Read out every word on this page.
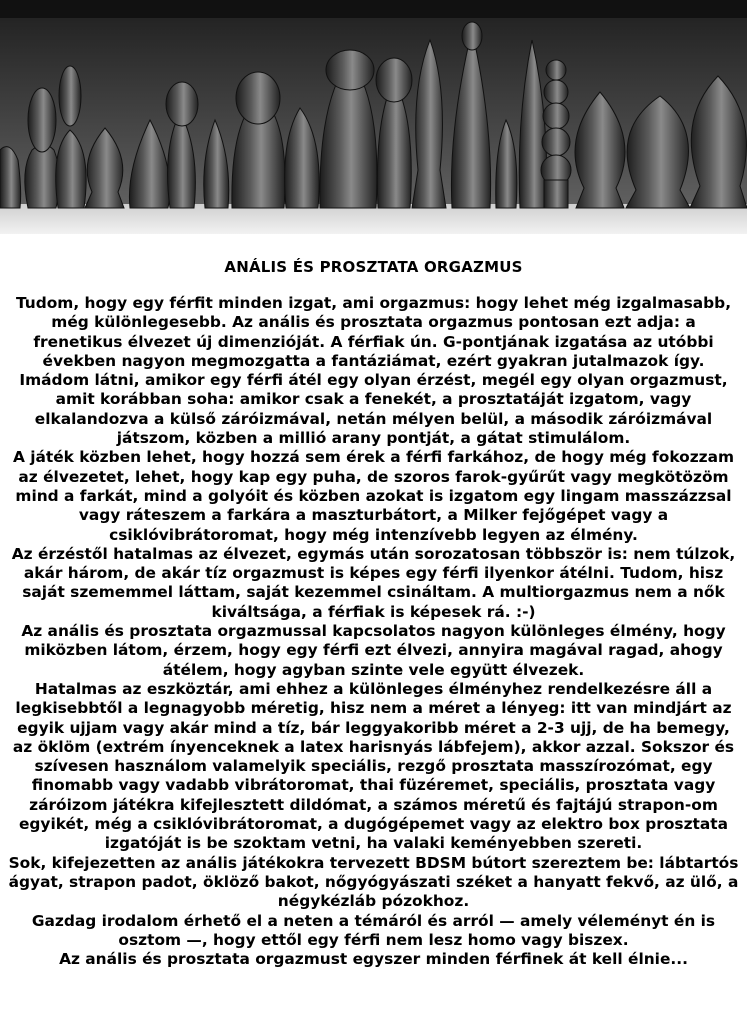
ANÁLIS ÉS PROSZTATA ORGAZMUS

Tudom, hogy egy férfit minden izgat, ami orgazmus: hogy lehet még izgalmasabb, még különlegesebb. Az anális és prosztata orgazmus pontosan ezt adja: a frenetikus élvezet új dimenzióját. A férfiak ún. G-pontjának izgatása az utóbbi években nagyon megmozgatta a fantáziámat, ezért gyakran jutalmazok így. Imádom látni, amikor egy férfi átél egy olyan érzést, megél egy olyan orgazmust, amit korábban soha: amikor csak a fenekét, a prosztatáját izgatom, vagy elkalandozva a külső záróizmával, netán mélyen belül, a második záróizmával játszom, közben a millió arany pontját, a gátat stimulálom.

A játék közben lehet, hogy hozzá sem érek a férfi farkához, de hogy még fokozzam az élvezetet, lehet, hogy kap egy puha, de szoros farok-gyűrűt vagy megkötözöm mind a farkát, mind a golyóit és közben azokat is izgatom egy lingam masszázzsal vagy ráteszem a farkára a maszturbátort, a Milker fejőgépet vagy a csiklóvibrátoromat, hogy még intenzívebb legyen az élmény.

Az érzéstől hatalmas az élvezet, egymás után sorozatosan többször is: nem túlzok, akár három, de akár tíz orgazmust is képes egy férfi ilyenkor átélni. Tudom, hisz saját szememmel láttam, saját kezemmel csináltam. A multiorgazmus nem a nők kiváltsága, a férfiak is képesek rá. :-)

Az anális és prosztata orgazmussal kapcsolatos nagyon különleges élmény, hogy miközben látom, érzem, hogy egy férfi ezt élvezi, annyira magával ragad, ahogy átélem, hogy agyban szinte vele együtt élvezek.

Hatalmas az eszköztár, ami ehhez a különleges élményhez rendelkezésre áll a legkisebbtől a legnagyobb méretig, hisz nem a méret a lényeg: itt van mindjárt az egyik ujjam vagy akár mind a tíz, bár leggyakoribb méret a 2-3 ujj, de ha bemegy, az öklöm (extrém ínyenceknek a latex harisnyás lábfejem), akkor azzal. Sokszor és szívesen használom valamelyik speciális, rezgő prosztata masszírozómat, egy finomabb vagy vadabb vibrátoromat, thai füzéremet, speciális, prosztata vagy záróizom játékra kifejlesztett dildómat, a számos méretű és fajtájú strapon-om egyikét, még a csiklóvibrátoromat, a dugógépemet vagy az elektro box prosztata izgatóját is be szoktam vetni, ha valaki keményebben szereti.

Sok, kifejezetten az anális játékokra tervezett BDSM bútort szereztem be: lábtartós ágyat, strapon padot, öklöző bakot, nőgyógyászati széket a hanyatt fekvő, az ülő, a négykézláb pózokhoz.

Gazdag irodalom érhető el a neten a témáról és arról — amely véleményt én is osztom —, hogy ettől egy férfi nem lesz homo vagy biszex.

Az anális és prosztata orgazmust egyszer minden férfinek át kell élnie...
